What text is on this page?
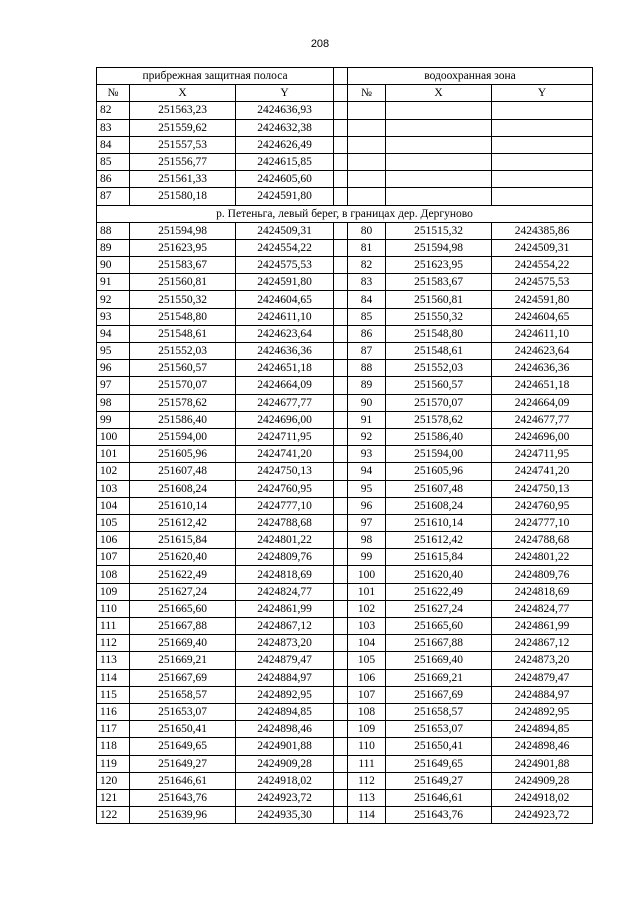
208
прибрежная защитная полоса				водоохранная зона		
№	X	Y		№	X	Y
82	251563,23	2424636,93				
83	251559,62	2424632,38				
84	251557,53	2424626,49				
85	251556,77	2424615,85				
86	251561,33	2424605,60				
87	251580,18	2424591,80				
р. Петеньга, левый берег, в границах дер. Дергуново						
88	251594,98	2424509,31		80	251515,32	2424385,86
89	251623,95	2424554,22		81	251594,98	2424509,31
90	251583,67	2424575,53		82	251623,95	2424554,22
91	251560,81	2424591,80		83	251583,67	2424575,53
92	251550,32	2424604,65		84	251560,81	2424591,80
93	251548,80	2424611,10		85	251550,32	2424604,65
94	251548,61	2424623,64		86	251548,80	2424611,10
95	251552,03	2424636,36		87	251548,61	2424623,64
96	251560,57	2424651,18		88	251552,03	2424636,36
97	251570,07	2424664,09		89	251560,57	2424651,18
98	251578,62	2424677,77		90	251570,07	2424664,09
99	251586,40	2424696,00		91	251578,62	2424677,77
100	251594,00	2424711,95		92	251586,40	2424696,00
101	251605,96	2424741,20		93	251594,00	2424711,95
102	251607,48	2424750,13		94	251605,96	2424741,20
103	251608,24	2424760,95		95	251607,48	2424750,13
104	251610,14	2424777,10		96	251608,24	2424760,95
105	251612,42	2424788,68		97	251610,14	2424777,10
106	251615,84	2424801,22		98	251612,42	2424788,68
107	251620,40	2424809,76		99	251615,84	2424801,22
108	251622,49	2424818,69		100	251620,40	2424809,76
109	251627,24	2424824,77		101	251622,49	2424818,69
110	251665,60	2424861,99		102	251627,24	2424824,77
111	251667,88	2424867,12		103	251665,60	2424861,99
112	251669,40	2424873,20		104	251667,88	2424867,12
113	251669,21	2424879,47		105	251669,40	2424873,20
114	251667,69	2424884,97		106	251669,21	2424879,47
115	251658,57	2424892,95		107	251667,69	2424884,97
116	251653,07	2424894,85		108	251658,57	2424892,95
117	251650,41	2424898,46		109	251653,07	2424894,85
118	251649,65	2424901,88		110	251650,41	2424898,46
119	251649,27	2424909,28		111	251649,65	2424901,88
120	251646,61	2424918,02		112	251649,27	2424909,28
121	251643,76	2424923,72		113	251646,61	2424918,02
122	251639,96	2424935,30		114	251643,76	2424923,72
